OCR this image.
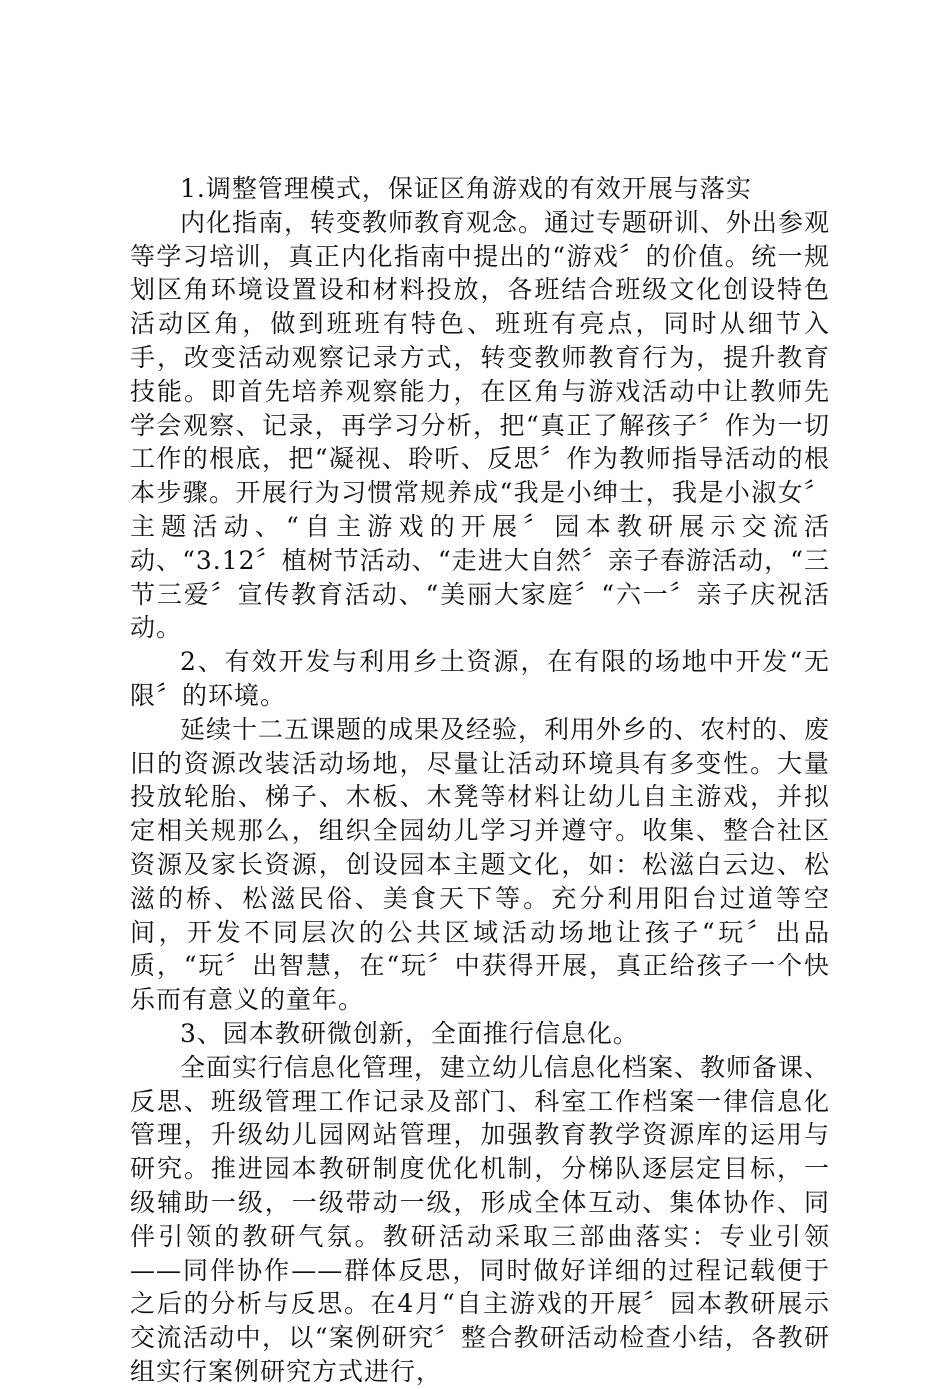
1.调整管理模式，保证区角游戏的有效开展与落实

内化指南，转变教师教育观念。通过专题研训、外出参观等学习培训，真正内化指南中提出的“游戏〞的价值。统一规划区角环境设置设和材料投放，各班结合班级文化创设特色活动区角，做到班班有特色、班班有亮点，同时从细节入手，改变活动观察记录方式，转变教师教育行为，提升教育技能。即首先培养观察能力，在区角与游戏活动中让教师先学会观察、记录，再学习分析，把“真正了解孩子〞作为一切工作的根底，把“凝视、聆听、反思〞作为教师指导活动的根本步骤。开展行为习惯常规养成“我是小绅士，我是小淑女〞主题活动、“自主游戏的开展〞园本教研展示交流活动、“3.12〞植树节活动、“走进大自然〞亲子春游活动，“三节三爱〞宣传教育活动、“美丽大家庭〞“六一〞亲子庆祝活动。

2、有效开发与利用乡土资源，在有限的场地中开发“无限〞的环境。

延续十二五课题的成果及经验，利用外乡的、农村的、废旧的资源改装活动场地，尽量让活动环境具有多变性。大量投放轮胎、梯子、木板、木凳等材料让幼儿自主游戏，并拟定相关规那么，组织全园幼儿学习并遵守。收集、整合社区资源及家长资源，创设园本主题文化，如：松滋白云边、松滋的桥、松滋民俗、美食天下等。充分利用阳台过道等空间，开发不同层次的公共区域活动场地让孩子“玩〞出品质，“玩〞出智慧，在“玩〞中获得开展，真正给孩子一个快乐而有意义的童年。

3、园本教研微创新，全面推行信息化。

全面实行信息化管理，建立幼儿信息化档案、教师备课、反思、班级管理工作记录及部门、科室工作档案一律信息化管理，升级幼儿园网站管理，加强教育教学资源库的运用与研究。推进园本教研制度优化机制，分梯队逐层定目标，一级辅助一级，一级带动一级，形成全体互动、集体协作、同伴引领的教研气氛。教研活动采取三部曲落实：专业引领——同伴协作——群体反思，同时做好详细的过程记载便于之后的分析与反思。在4月“自主游戏的开展〞园本教研展示交流活动中，以“案例研究〞整合教研活动检查小结，各教研组实行案例研究方式进行，
